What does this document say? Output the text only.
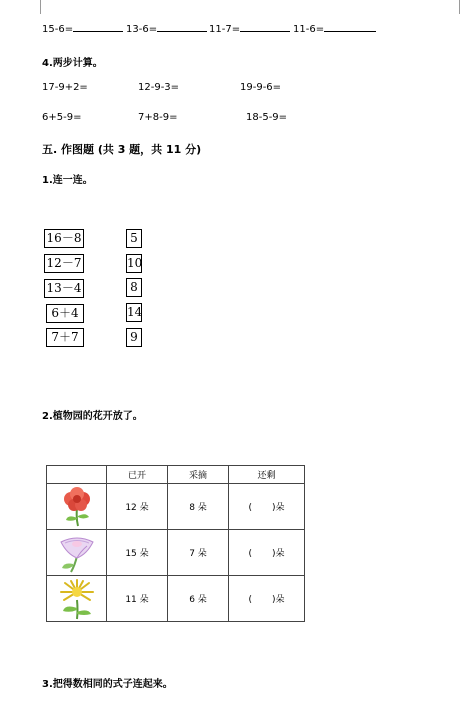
15-6=	13-6=	11-7=	11-6=
4.两步计算。
17-9+2=	12-9-3=	19-9-6=
6+5-9=	7+8-9=	18-5-9=
五. 作图题 (共 3 题，共 11 分)
1.连一连。
16－8
12－7
13－4
6＋4
7＋7
5
10
8
14
9
2.植物园的花开放了。
	已开	采摘	还剩

	12 朵	8 朵	( )朵

	15 朵	7 朵	( )朵

	11 朵	6 朵	( )朵
3.把得数相同的式子连起来。
